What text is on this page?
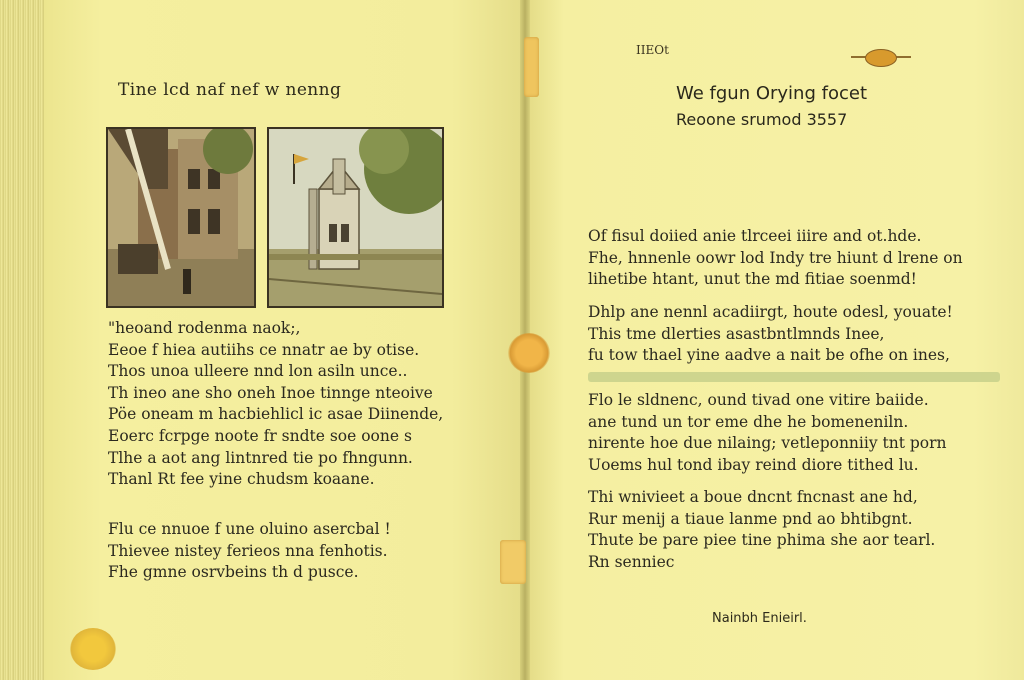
Tine lcd naf nef w nenng
"heoand rodenma naok;,
Eeoe f hiea autiihs ce nnatr ae by otise.
Thos unoa ulleere nnd lon asiln unce..
Th ineo ane sho oneh Inoe tinnge nteoive
Pöe oneam m hacbiehlicl ic asae Diinende,
Eoerc fcrpge noote fr sndte soe oone s
Tlhe a aot ang lintnred tie po fhngunn.
Thanl Rt fee yine chudsm koaane.
Flu ce nnuoe f une oluino asercbal !
Thievee nistey ferieos nna fenhotis.
Fhe gmne osrvbeins th d pusce.
IIEOt
We fgun Orying focet
Reoone srumod 3557
Of fisul doiied anie tlrceei iiire and ot.hde.
Fhe, hnnenle oowr lod Indy tre hiunt d lrene on
lihetibe htant, unut the md fitiae soenmd!
Dhlp ane nennl acadiirgt, houte odesl, youate!
This tme dlerties asastbntlmnds Inee,
fu tow thael yine aadve a nait be ofhe on ines,
Flo le sldnenc, ound tivad one vitire baiide.
ane tund un tor eme dhe he bomeneniln.
nirente hoe due nilaing; vetleponniiy tnt porn
Uoems hul tond ibay reind diore tithed lu.
Thi wnivieet a boue dncnt fncnast ane hd,
Rur menij a tiaue lanme pnd ao bhtibgnt.
Thute be pare piee tine phima she aor tearl.
Rn senniec
Nainbh Enieirl.
